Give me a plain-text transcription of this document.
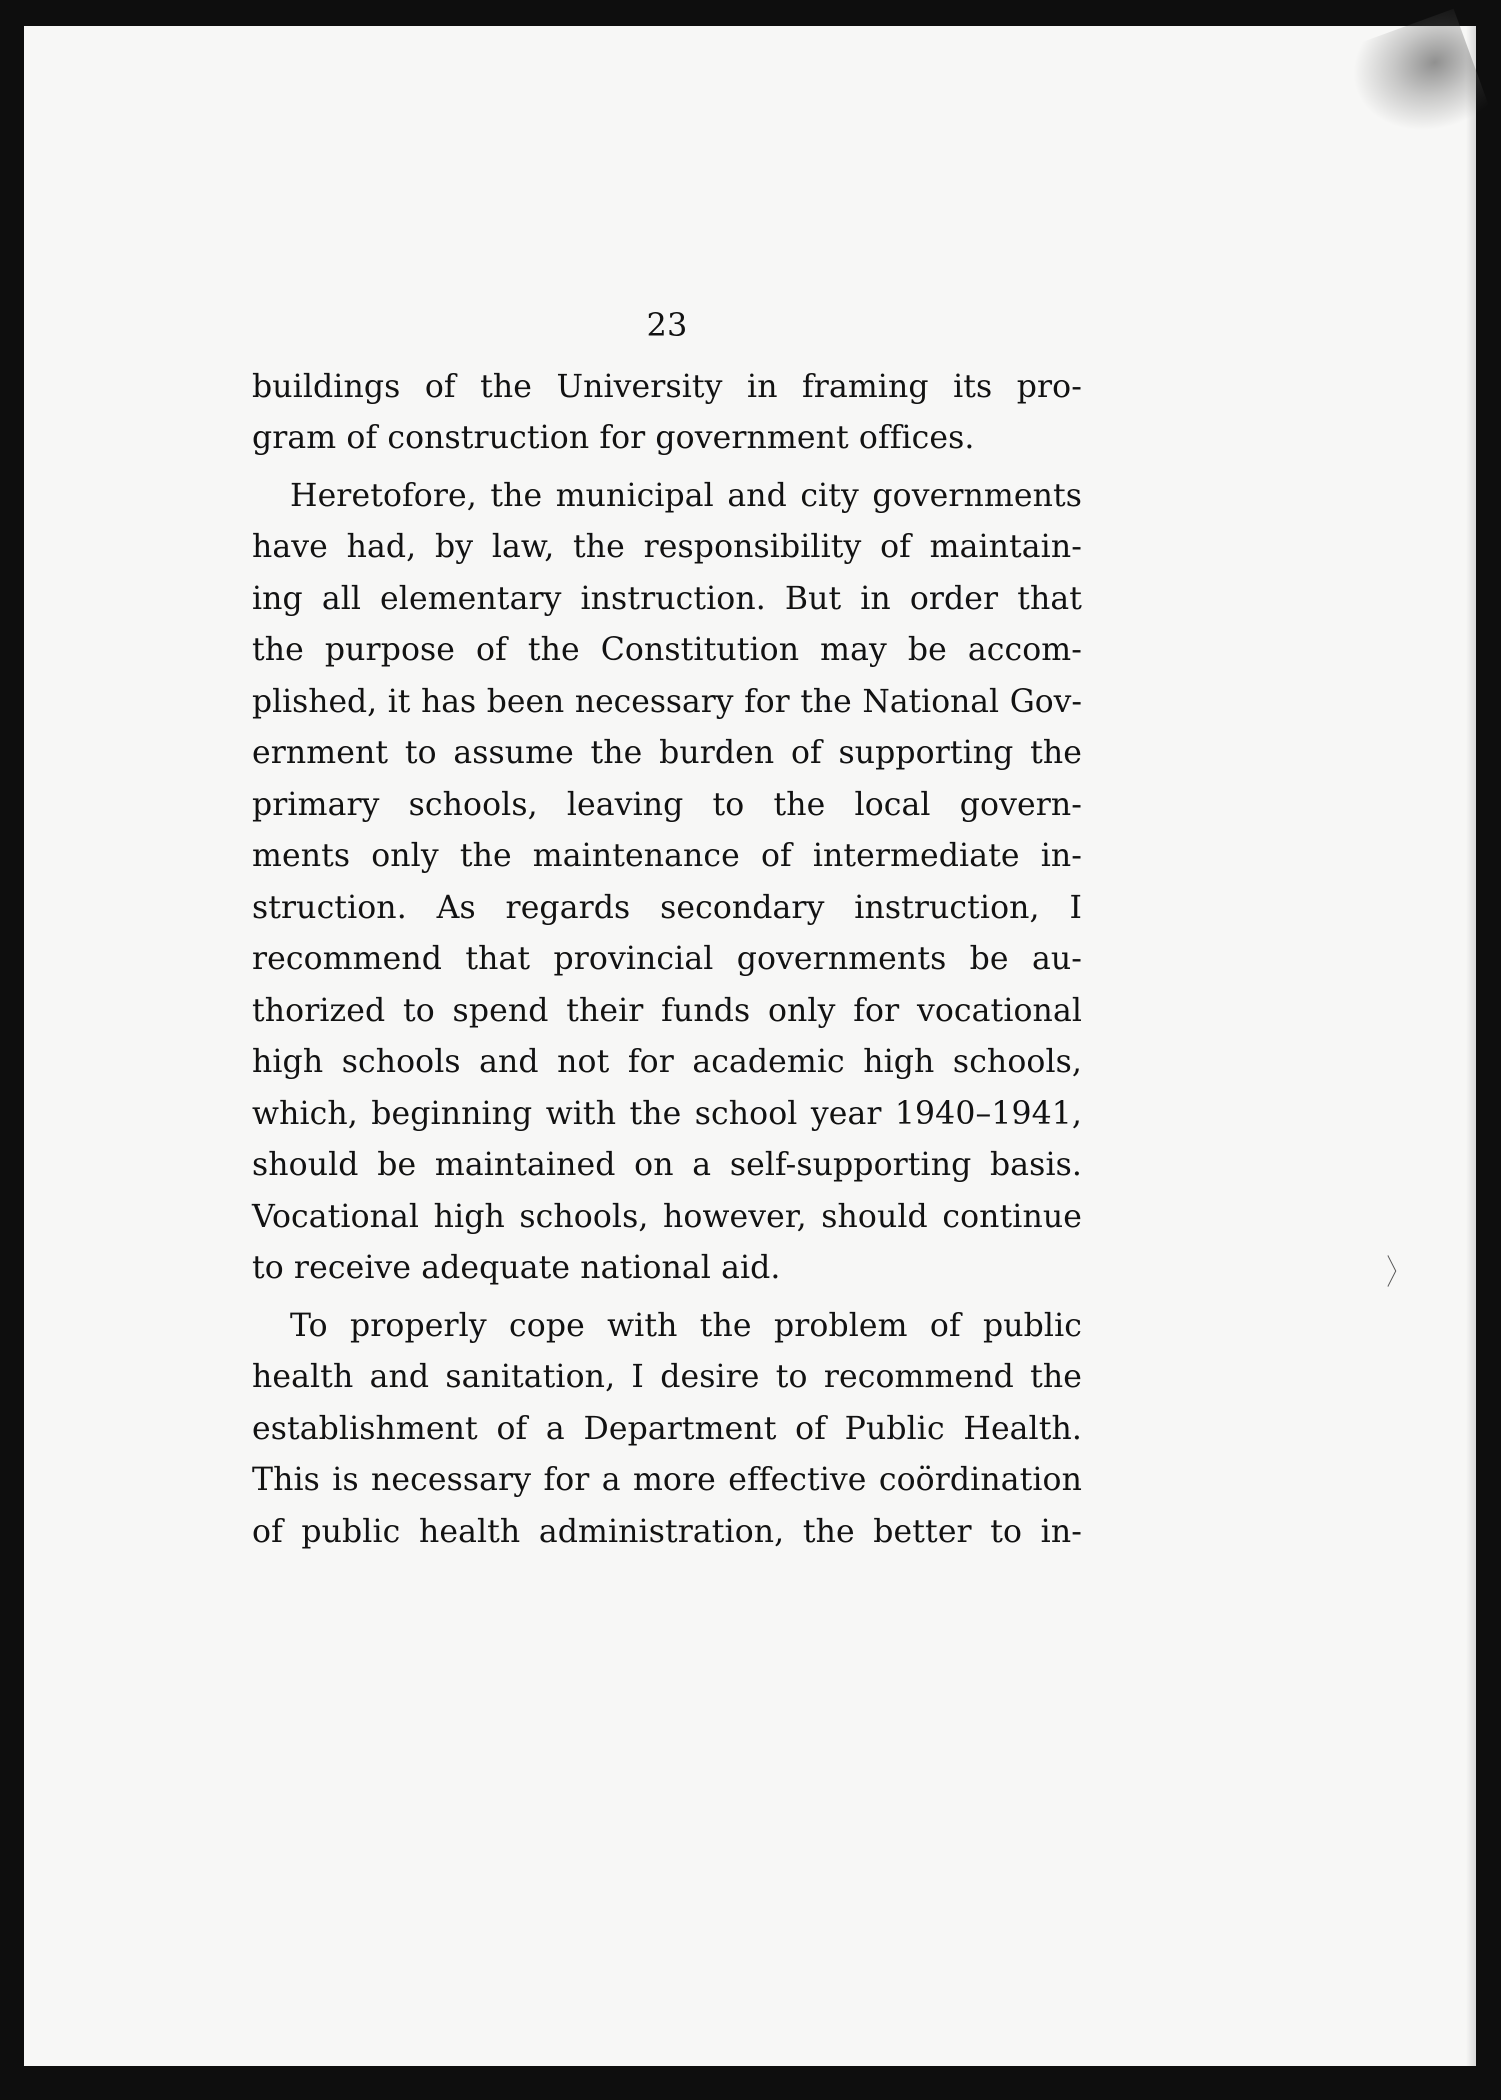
〉
23
buildings of the University in framing its pro-
gram of construction for government offices.
Heretofore, the municipal and city governments
have had, by law, the responsibility of maintain-
ing all elementary instruction. But in order that
the purpose of the Constitution may be accom-
plished, it has been necessary for the National Gov-
ernment to assume the burden of supporting the
primary schools, leaving to the local govern-
ments only the maintenance of intermediate in-
struction. As regards secondary instruction, I
recommend that provincial governments be au-
thorized to spend their funds only for vocational
high schools and not for academic high schools,
which, beginning with the school year 1940–1941,
should be maintained on a self-supporting basis.
Vocational high schools, however, should continue
to receive adequate national aid.
To properly cope with the problem of public
health and sanitation, I desire to recommend the
establishment of a Department of Public Health.
This is necessary for a more effective coördination
of public health administration, the better to in-
